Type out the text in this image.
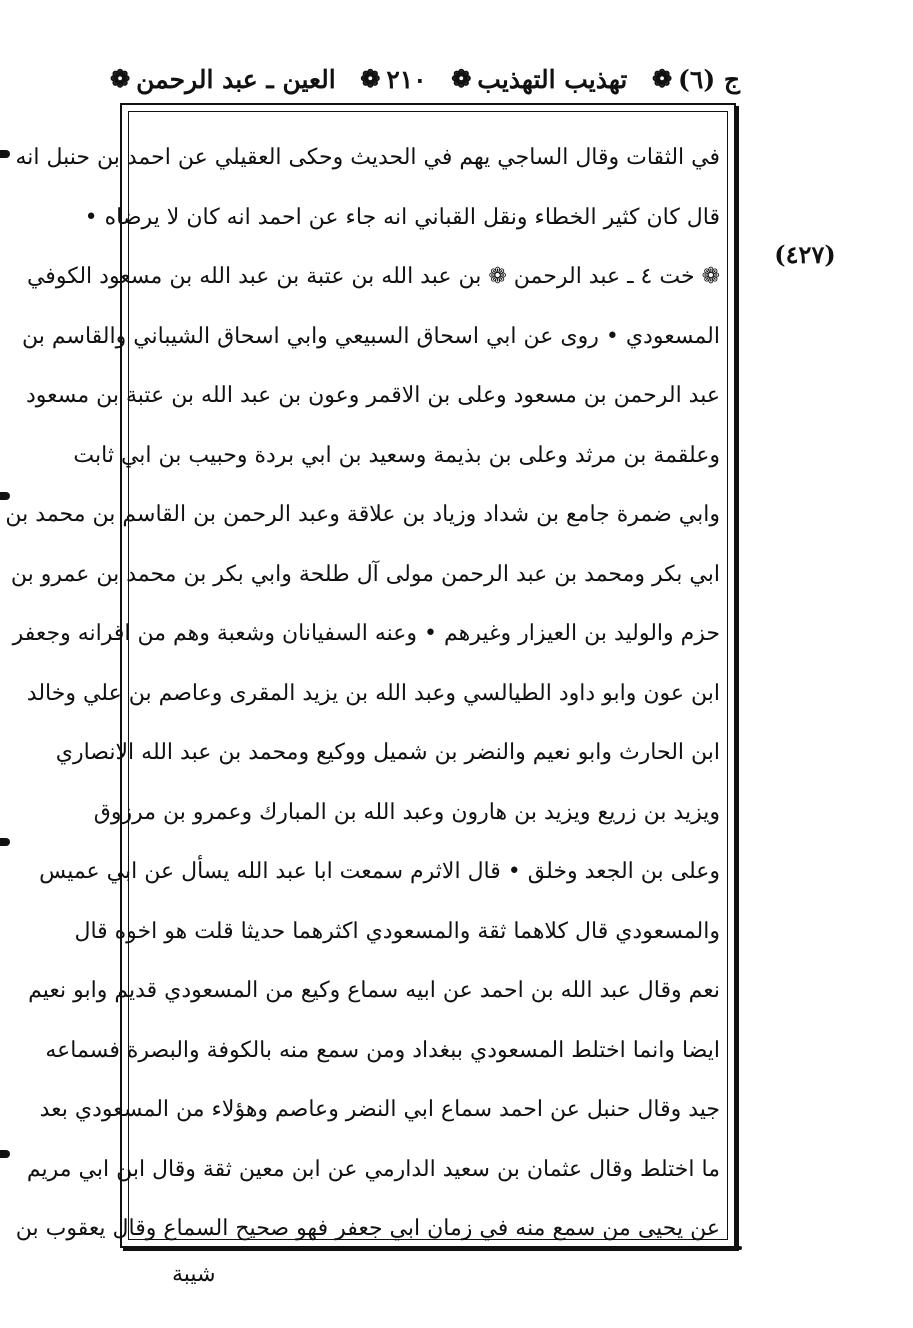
ج (٦)
❁
تهذيب التهذيب
❁
٢١٠
❁
العين ـ عبد الرحمن
❁
(٤٢٧)
في الثقات وقال الساجي يهم في الحديث وحكى العقيلي عن احمد بن حنبل انه
قال كان كثير الخطاء ونقل القباني انه جاء عن احمد انه كان لا يرضاه •
❁ خت ٤ ـ عبد الرحمن ❁ بن عبد الله بن عتبة بن عبد الله بن مسعود الكوفي
المسعودي • روى عن ابي اسحاق السبيعي وابي اسحاق الشيباني والقاسم بن
عبد الرحمن بن مسعود وعلى بن الاقمر وعون بن عبد الله بن عتبة بن مسعود
وعلقمة بن مرثد وعلى بن بذيمة وسعيد بن ابي بردة وحبيب بن ابي ثابت
وابي ضمرة جامع بن شداد وزياد بن علاقة وعبد الرحمن بن القاسم بن محمد بن
ابي بكر ومحمد بن عبد الرحمن مولى آل طلحة وابي بكر بن محمد بن عمرو بن
حزم والوليد بن العيزار وغيرهم • وعنه السفيانان وشعبة وهم من اقرانه وجعفر
ابن عون وابو داود الطيالسي وعبد الله بن يزيد المقرى وعاصم بن علي وخالد
ابن الحارث وابو نعيم والنضر بن شميل ووكيع ومحمد بن عبد الله الانصاري
ويزيد بن زريع ويزيد بن هارون وعبد الله بن المبارك وعمرو بن مرزوق
وعلى بن الجعد وخلق • قال الاثرم سمعت ابا عبد الله يسأل عن ابي عميس
والمسعودي قال كلاهما ثقة والمسعودي اكثرهما حديثا قلت هو اخوه قال
نعم وقال عبد الله بن احمد عن ابيه سماع وكيع من المسعودي قديم وابو نعيم
ايضا وانما اختلط المسعودي ببغداد ومن سمع منه بالكوفة والبصرة فسماعه
جيد وقال حنبل عن احمد سماع ابي النضر وعاصم وهؤلاء من المسعودي بعد
ما اختلط وقال عثمان بن سعيد الدارمي عن ابن معين ثقة وقال ابن ابي مريم
عن يحيى من سمع منه في زمان ابي جعفر فهو صحيح السماع وقال يعقوب بن
شيبة
